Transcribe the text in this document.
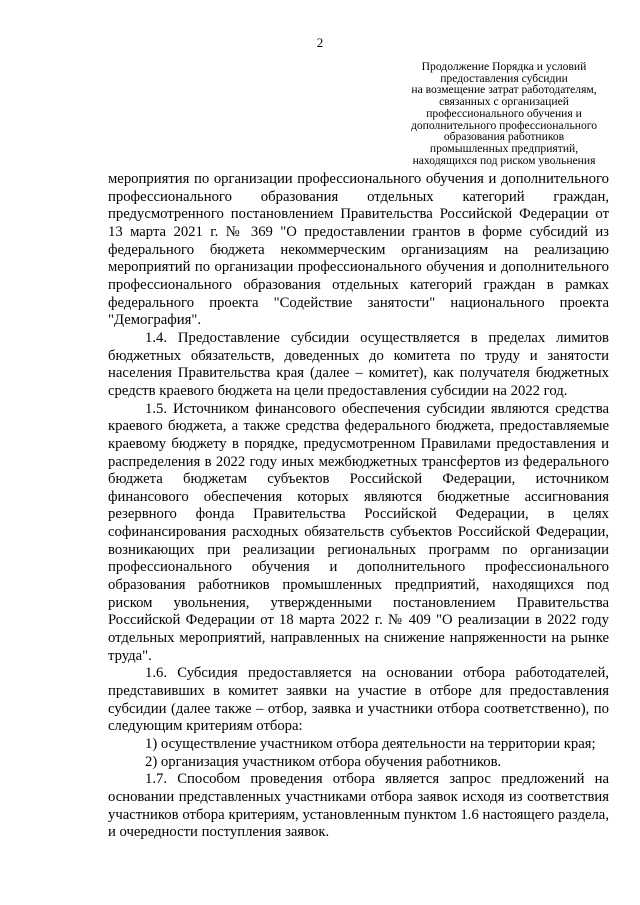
2
Продолжение Порядка и условий
предоставления субсидии
на возмещение затрат работодателям,
связанных с организацией
профессионального обучения и
дополнительного профессионального
образования работников
промышленных предприятий,
находящихся под риском увольнения

мероприятия по организации профессионального обучения и дополнительного профессионального образования отдельных категорий граждан, предусмотренного постановлением Правительства Российской Федерации от 13 марта 2021 г. № 369 "О предоставлении грантов в форме субсидий из федерального бюджета некоммерческим организациям на реализацию мероприятий по организации профессионального обучения и дополнительного профессионального образования отдельных категорий граждан в рамках федерального проекта "Содействие занятости" национального проекта "Демография".

1.4. Предоставление субсидии осуществляется в пределах лимитов бюджетных обязательств, доведенных до комитета по труду и занятости населения Правительства края (далее – комитет), как получателя бюджетных средств краевого бюджета на цели предоставления субсидии на 2022 год.

1.5. Источником финансового обеспечения субсидии являются средства краевого бюджета, а также средства федерального бюджета, предоставляемые краевому бюджету в порядке, предусмотренном Правилами предоставления и распределения в 2022 году иных межбюджетных трансфертов из федерального бюджета бюджетам субъектов Российской Федерации, источником финансового обеспечения которых являются бюджетные ассигнования резервного фонда Правительства Российской Федерации, в целях софинансирования расходных обязательств субъектов Российской Федерации, возникающих при реализации региональных программ по организации профессионального обучения и дополнительного профессионального образования работников промышленных предприятий, находящихся под риском увольнения, утвержденными постановлением Правительства Российской Федерации от 18 марта 2022 г. № 409 "О реализации в 2022 году отдельных мероприятий, направленных на снижение напряженности на рынке труда".

1.6. Субсидия предоставляется на основании отбора работодателей, представивших в комитет заявки на участие в отборе для предоставления субсидии (далее также – отбор, заявка и участники отбора соответственно), по следующим критериям отбора:

1) осуществление участником отбора деятельности на территории края;

2) организация участником отбора обучения работников.

1.7. Способом проведения отбора является запрос предложений на основании представленных участниками отбора заявок исходя из соответствия участников отбора критериям, установленным пунктом 1.6 настоящего раздела, и очередности поступления заявок.
